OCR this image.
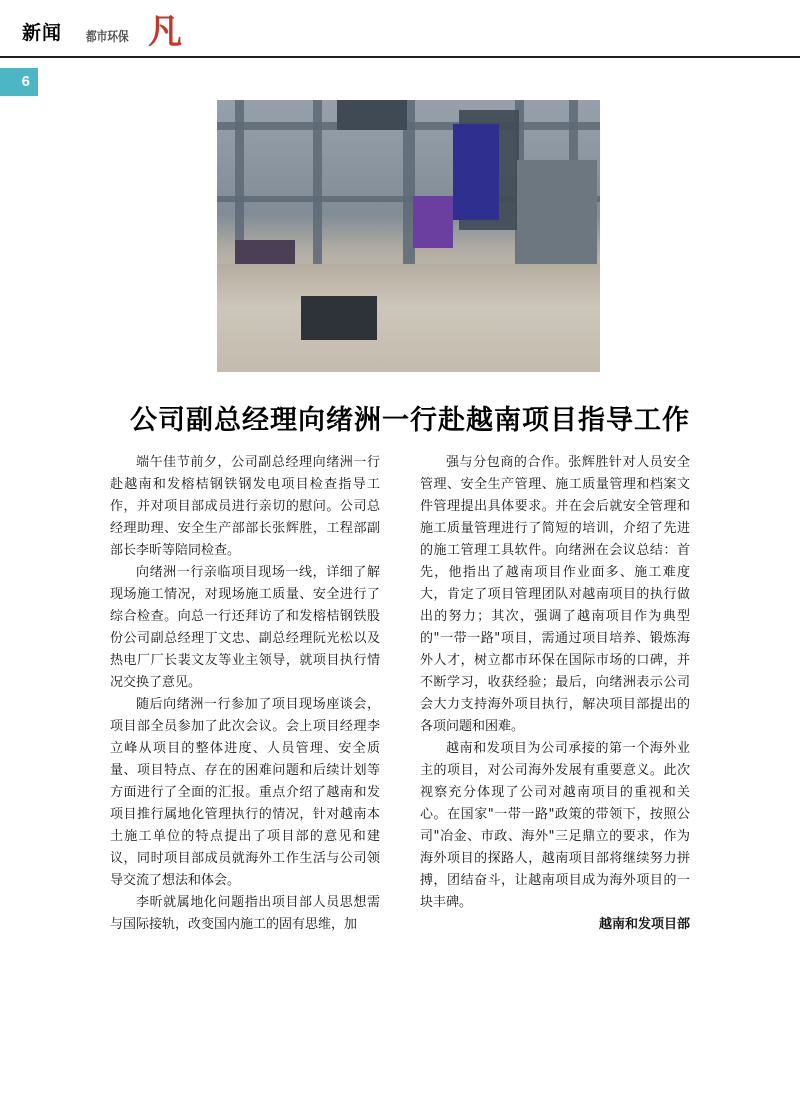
新闻 都市环保 凡
6
公司副总经理向绪洲一行赴越南项目指导工作

端午佳节前夕，公司副总经理向绪洲一行赴越南和发榕桔钢铁钢发电项目检查指导工作，并对项目部成员进行亲切的慰问。公司总经理助理、安全生产部部长张辉胜，工程部副部长李昕等陪同检查。

向绪洲一行亲临项目现场一线，详细了解现场施工情况，对现场施工质量、安全进行了综合检查。向总一行还拜访了和发榕桔钢铁股份公司副总经理丁文忠、副总经理阮光松以及热电厂厂长裴文友等业主领导，就项目执行情况交换了意见。

随后向绪洲一行参加了项目现场座谈会，项目部全员参加了此次会议。会上项目经理李立峰从项目的整体进度、人员管理、安全质量、项目特点、存在的困难问题和后续计划等方面进行了全面的汇报。重点介绍了越南和发项目推行属地化管理执行的情况，针对越南本土施工单位的特点提出了项目部的意见和建议，同时项目部成员就海外工作生活与公司领导交流了想法和体会。

李昕就属地化问题指出项目部人员思想需与国际接轨，改变国内施工的固有思维，加

强与分包商的合作。张辉胜针对人员安全管理、安全生产管理、施工质量管理和档案文件管理提出具体要求。并在会后就安全管理和施工质量管理进行了简短的培训，介绍了先进的施工管理工具软件。向绪洲在会议总结：首先，他指出了越南项目作业面多、施工难度大，肯定了项目管理团队对越南项目的执行做出的努力；其次，强调了越南项目作为典型的"一带一路"项目，需通过项目培养、锻炼海外人才，树立都市环保在国际市场的口碑，并不断学习，收获经验；最后，向绪洲表示公司会大力支持海外项目执行，解决项目部提出的各项问题和困难。

越南和发项目为公司承接的第一个海外业主的项目，对公司海外发展有重要意义。此次视察充分体现了公司对越南项目的重视和关心。在国家"一带一路"政策的带领下，按照公司"冶金、市政、海外"三足鼎立的要求，作为海外项目的探路人，越南项目部将继续努力拼搏，团结奋斗，让越南项目成为海外项目的一块丰碑。

越南和发项目部
